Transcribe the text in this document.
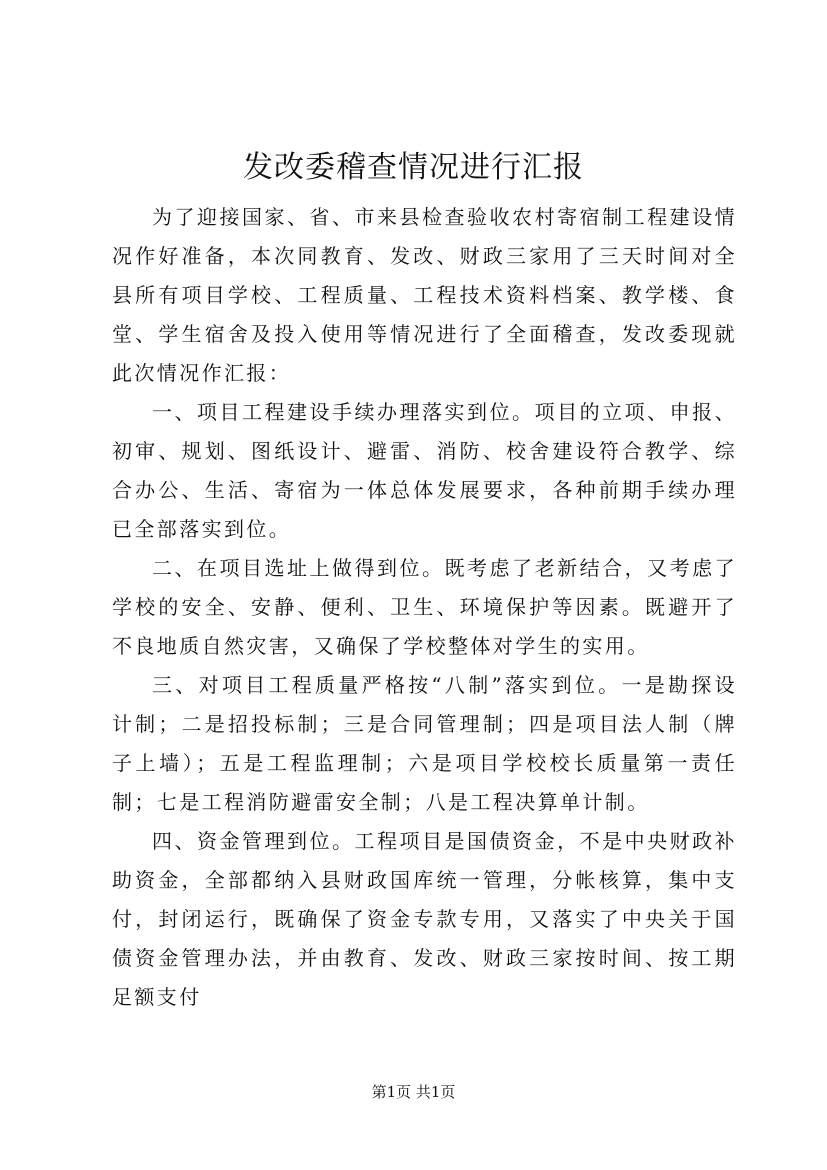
发改委稽查情况进行汇报

为了迎接国家、省、市来县检查验收农村寄宿制工程建设情况作好准备，本次同教育、发改、财政三家用了三天时间对全县所有项目学校、工程质量、工程技术资料档案、教学楼、食堂、学生宿舍及投入使用等情况进行了全面稽查，发改委现就此次情况作汇报：

一、项目工程建设手续办理落实到位。项目的立项、申报、初审、规划、图纸设计、避雷、消防、校舍建设符合教学、综合办公、生活、寄宿为一体总体发展要求，各种前期手续办理已全部落实到位。

二、在项目选址上做得到位。既考虑了老新结合，又考虑了学校的安全、安静、便利、卫生、环境保护等因素。既避开了不良地质自然灾害，又确保了学校整体对学生的实用。

三、对项目工程质量严格按“八制”落实到位。一是勘探设计制；二是招投标制；三是合同管理制；四是项目法人制（牌子上墙）；五是工程监理制；六是项目学校校长质量第一责任制；七是工程消防避雷安全制；八是工程决算单计制。

四、资金管理到位。工程项目是国债资金，不是中央财政补助资金，全部都纳入县财政国库统一管理，分帐核算，集中支付，封闭运行，既确保了资金专款专用，又落实了中央关于国债资金管理办法，并由教育、发改、财政三家按时间、按工期足额支付

第1页 共1页
